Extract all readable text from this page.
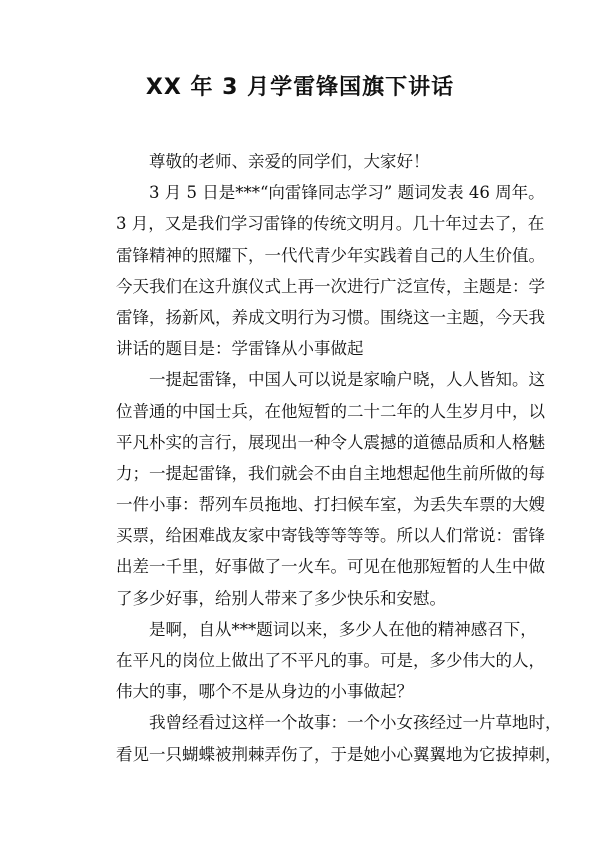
XX 年 3 月学雷锋国旗下讲话
尊敬的老师、亲爱的同学们，大家好！
3 月 5 日是***“向雷锋同志学习” 题词发表 46 周年。
3 月，又是我们学习雷锋的传统文明月。几十年过去了，在
雷锋精神的照耀下，一代代青少年实践着自己的人生价值。
今天我们在这升旗仪式上再一次进行广泛宣传，主题是：学
雷锋，扬新风，养成文明行为习惯。围绕这一主题，今天我
讲话的题目是：学雷锋从小事做起
一提起雷锋，中国人可以说是家喻户晓，人人皆知。这
位普通的中国士兵，在他短暂的二十二年的人生岁月中，以
平凡朴实的言行，展现出一种令人震撼的道德品质和人格魅
力；一提起雷锋，我们就会不由自主地想起他生前所做的每
一件小事：帮列车员拖地、打扫候车室，为丢失车票的大嫂
买票，给困难战友家中寄钱等等等等。所以人们常说：雷锋
出差一千里，好事做了一火车。可见在他那短暂的人生中做
了多少好事，给别人带来了多少快乐和安慰。
是啊，自从***题词以来，多少人在他的精神感召下，
在平凡的岗位上做出了不平凡的事。可是，多少伟大的人，
伟大的事，哪个不是从身边的小事做起？
我曾经看过这样一个故事：一个小女孩经过一片草地时，
看见一只蝴蝶被荆棘弄伤了，于是她小心翼翼地为它拔掉刺，
